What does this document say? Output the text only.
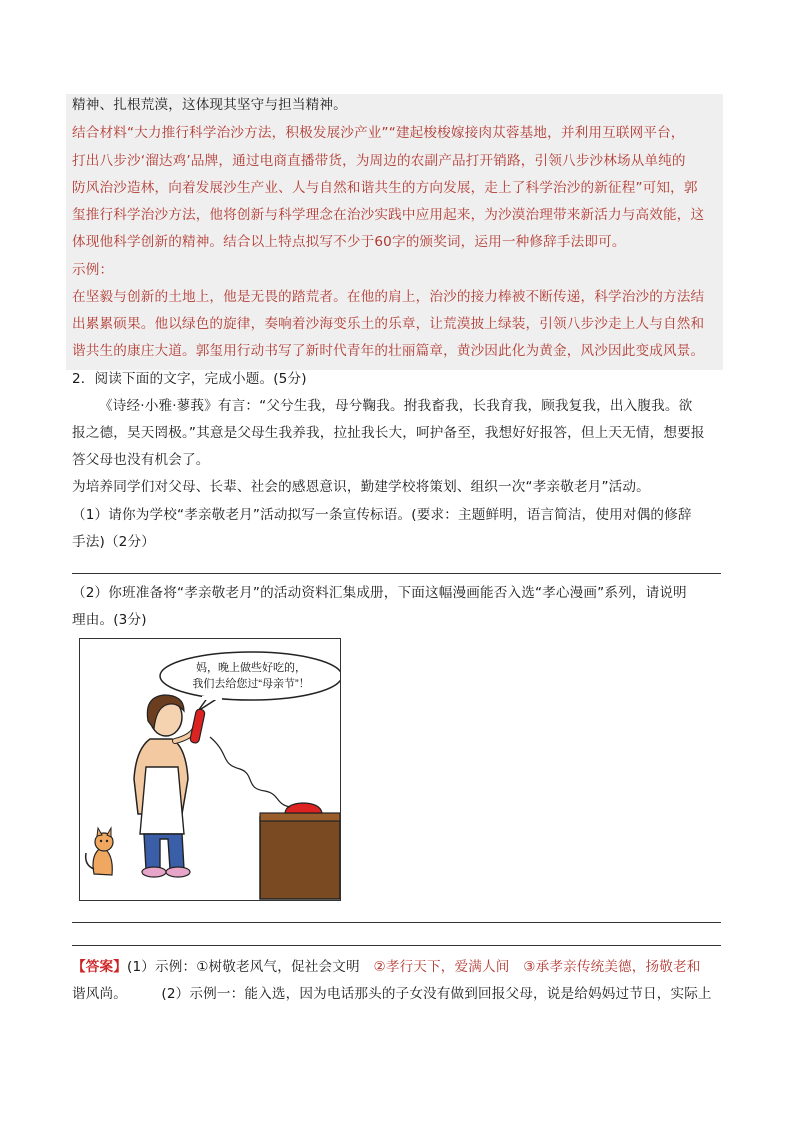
精神、扎根荒漠，这体现其坚守与担当精神。
结合材料“大力推行科学治沙方法，积极发展沙产业”“建起梭梭嫁接肉苁蓉基地，并利用互联网平台，
打出八步沙‘溜达鸡’品牌，通过电商直播带货，为周边的农副产品打开销路，引领八步沙林场从单纯的
防风治沙造林，向着发展沙生产业、人与自然和谐共生的方向发展，走上了科学治沙的新征程”可知，郭
玺推行科学治沙方法，他将创新与科学理念在治沙实践中应用起来，为沙漠治理带来新活力与高效能，这
体现他科学创新的精神。结合以上特点拟写不少于60字的颁奖词，运用一种修辞手法即可。
示例：
在坚毅与创新的土地上，他是无畏的踏荒者。在他的肩上，治沙的接力棒被不断传递，科学治沙的方法结
出累累硕果。他以绿色的旋律，奏响着沙海变乐土的乐章，让荒漠披上绿装，引领八步沙走上人与自然和
谐共生的康庄大道。郭玺用行动书写了新时代青年的壮丽篇章，黄沙因此化为黄金，风沙因此变成风景。
2．阅读下面的文字，完成小题。(5分)
《诗经·小雅·蓼莪》有言：“父兮生我，母兮鞠我。拊我畜我，长我育我，顾我复我，出入腹我。欲
报之德，昊天罔极。”其意是父母生我养我，拉扯我长大，呵护备至，我想好好报答，但上天无情，想要报
答父母也没有机会了。
为培养同学们对父母、长辈、社会的感恩意识，勤建学校将策划、组织一次“孝亲敬老月”活动。
（1）请你为学校“孝亲敬老月”活动拟写一条宣传标语。(要求：主题鲜明，语言简洁，使用对偶的修辞
手法)（2分）
（2）你班准备将“孝亲敬老月”的活动资料汇集成册，下面这幅漫画能否入选“孝心漫画”系列，请说明
理由。(3分)
妈，晚上做些好吃的，
我们去给您过“母亲节”！
【答案】(1）示例：①树敬老风气，促社会文明　 ②孝行天下，爱满人间　③承孝亲传统美德，扬敬老和
谐风尚。　　　	(2）示例一：能入选，因为电话那头的子女没有做到回报父母，说是给妈妈过节日，实际上
